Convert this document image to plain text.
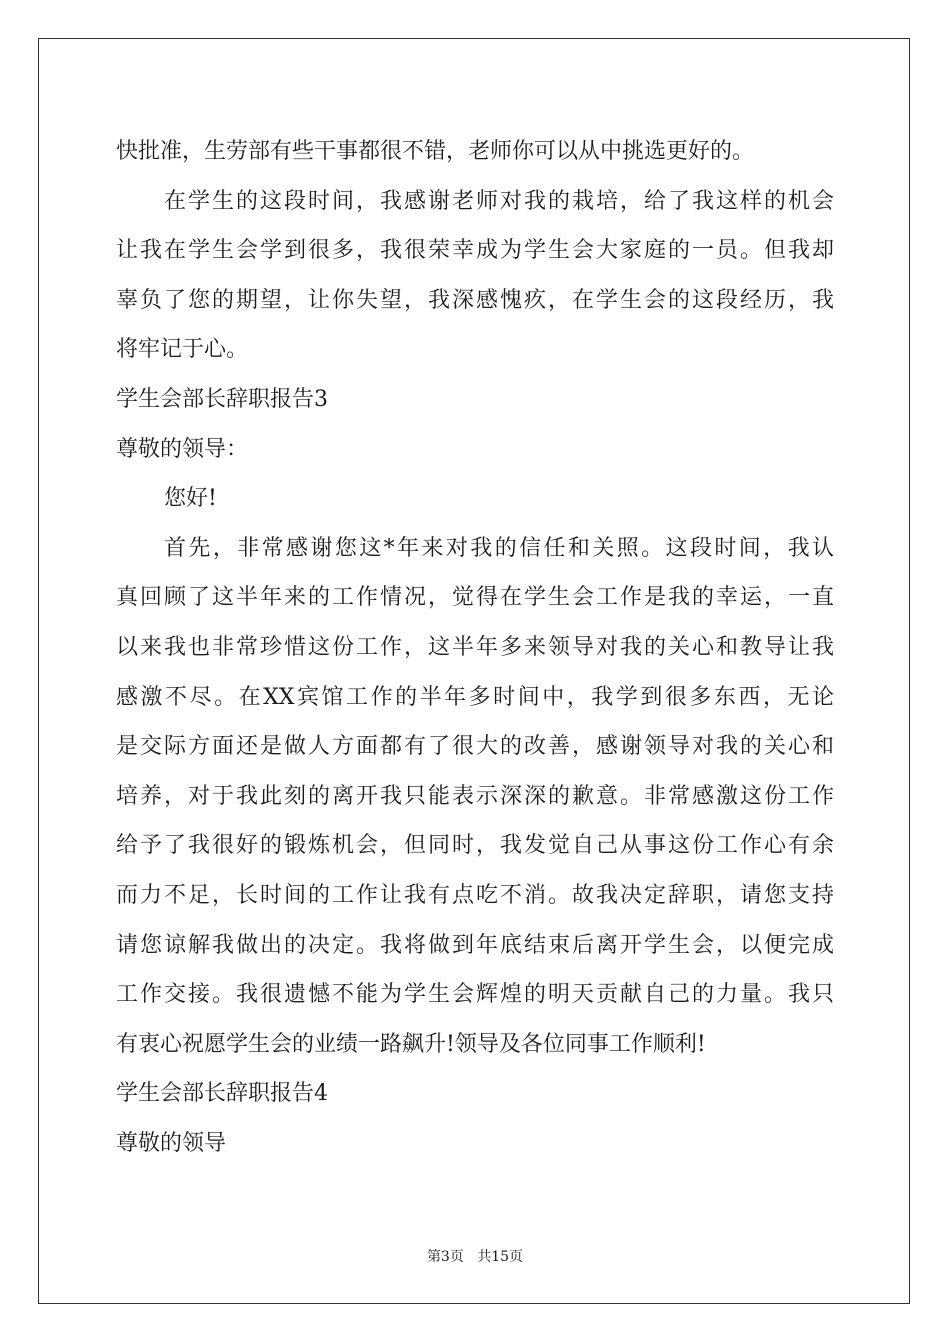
快批准，生劳部有些干事都很不错，老师你可以从中挑选更好的。
在学生的这段时间，我感谢老师对我的栽培，给了我这样的机会
让我在学生会学到很多，我很荣幸成为学生会大家庭的一员。但我却
辜负了您的期望，让你失望，我深感愧疚，在学生会的这段经历，我
将牢记于心。
学生会部长辞职报告3
尊敬的领导：
您好!
首先，非常感谢您这*年来对我的信任和关照。这段时间，我认
真回顾了这半年来的工作情况，觉得在学生会工作是我的幸运，一直
以来我也非常珍惜这份工作，这半年多来领导对我的关心和教导让我
感激不尽。在XX宾馆工作的半年多时间中，我学到很多东西，无论
是交际方面还是做人方面都有了很大的改善，感谢领导对我的关心和
培养，对于我此刻的离开我只能表示深深的歉意。非常感激这份工作
给予了我很好的锻炼机会，但同时，我发觉自己从事这份工作心有余
而力不足，长时间的工作让我有点吃不消。故我决定辞职，请您支持
请您谅解我做出的决定。我将做到年底结束后离开学生会，以便完成
工作交接。我很遗憾不能为学生会辉煌的明天贡献自己的力量。我只
有衷心祝愿学生会的业绩一路飙升!领导及各位同事工作顺利!
学生会部长辞职报告4
尊敬的领导
第3页 共15页
